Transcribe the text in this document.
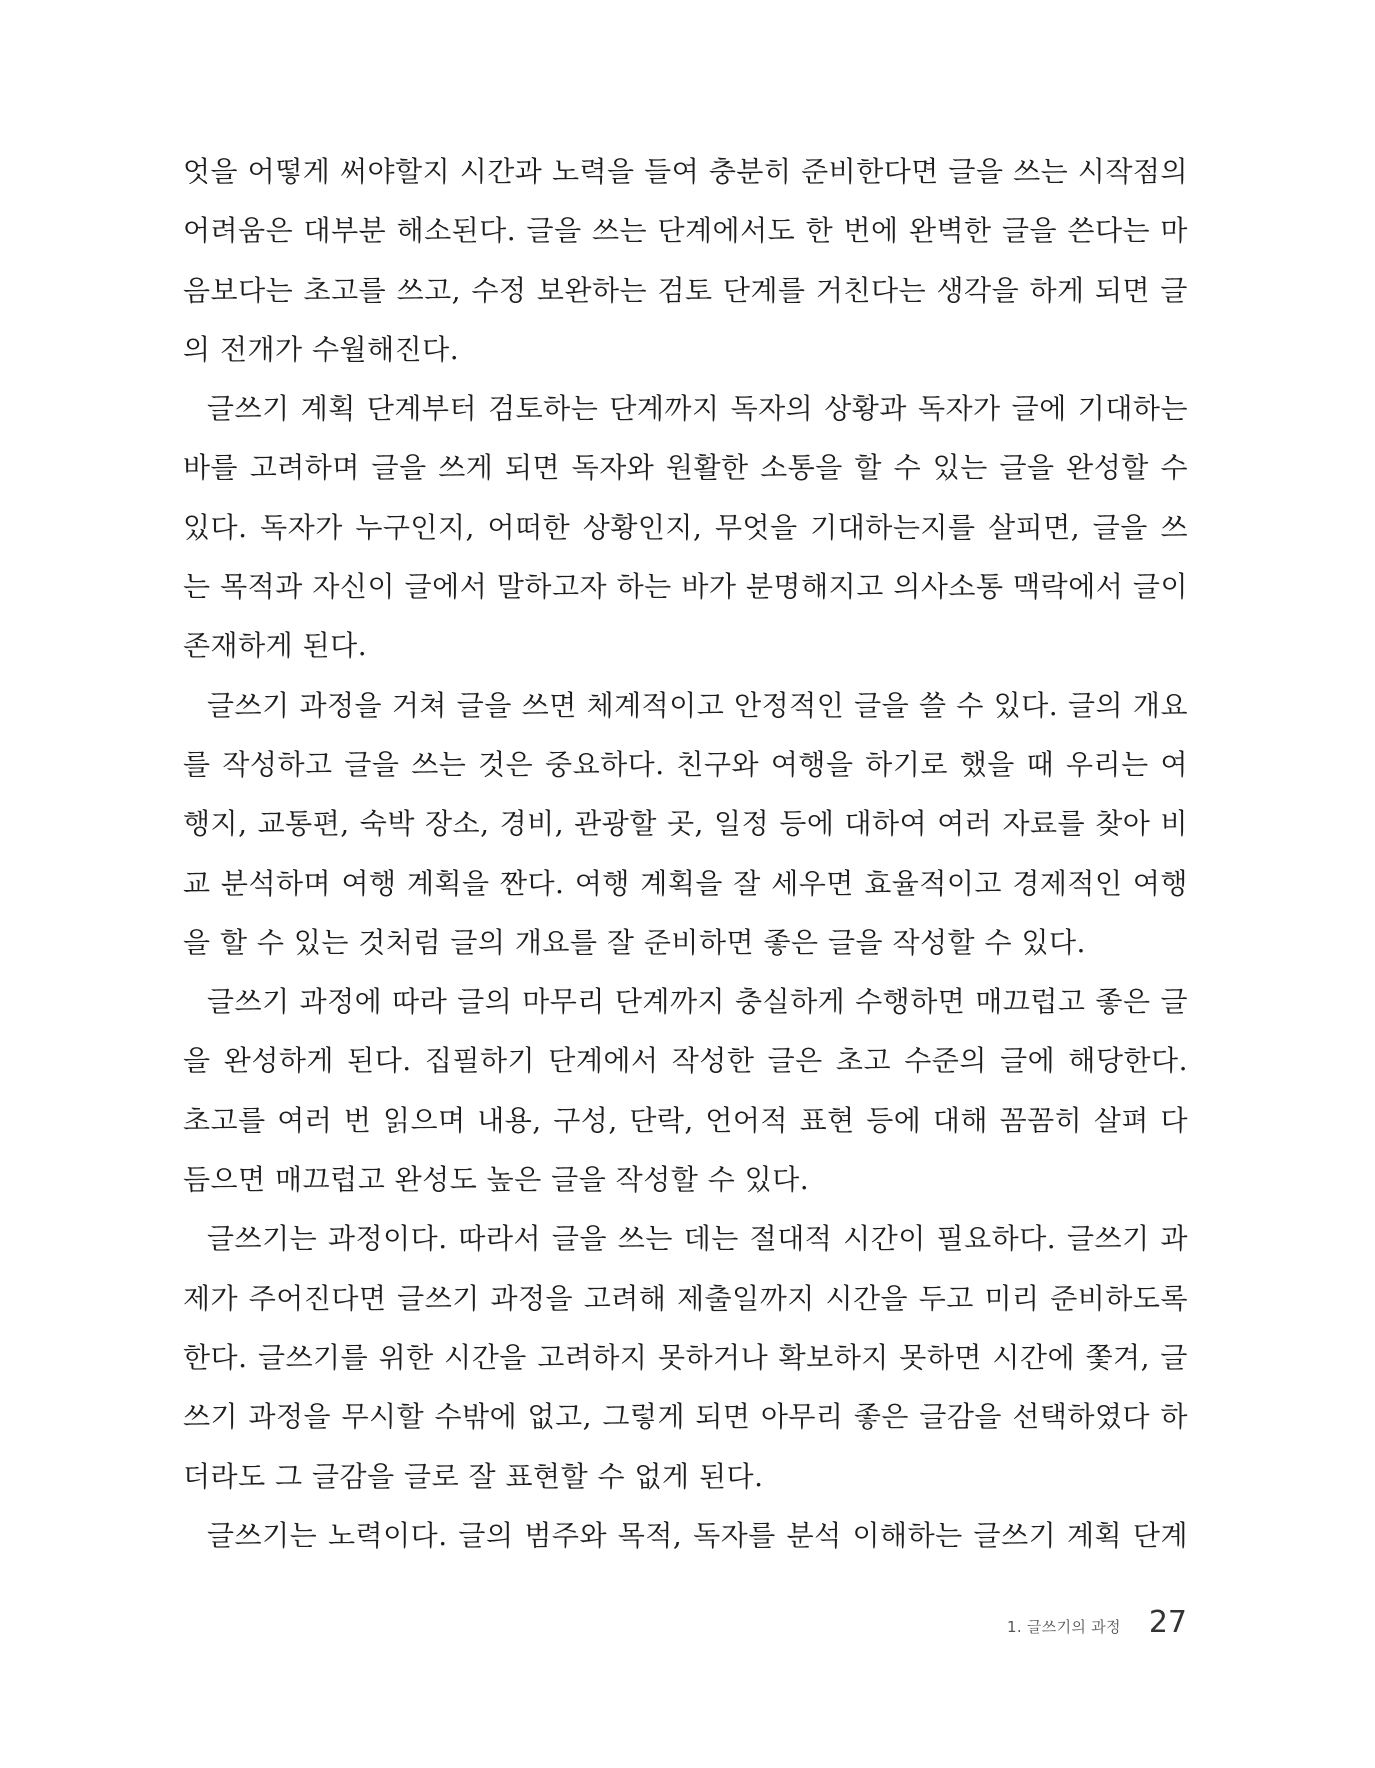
엇을 어떻게 써야할지 시간과 노력을 들여 충분히 준비한다면 글을 쓰는 시작점의
어려움은 대부분 해소된다. 글을 쓰는 단계에서도 한 번에 완벽한 글을 쓴다는 마
음보다는 초고를 쓰고, 수정 보완하는 검토 단계를 거친다는 생각을 하게 되면 글
의 전개가 수월해진다.
글쓰기 계획 단계부터 검토하는 단계까지 독자의 상황과 독자가 글에 기대하는
바를 고려하며 글을 쓰게 되면 독자와 원활한 소통을 할 수 있는 글을 완성할 수
있다. 독자가 누구인지, 어떠한 상황인지, 무엇을 기대하는지를 살피면, 글을 쓰
는 목적과 자신이 글에서 말하고자 하는 바가 분명해지고 의사소통 맥락에서 글이
존재하게 된다.
글쓰기 과정을 거쳐 글을 쓰면 체계적이고 안정적인 글을 쓸 수 있다. 글의 개요
를 작성하고 글을 쓰는 것은 중요하다. 친구와 여행을 하기로 했을 때 우리는 여
행지, 교통편, 숙박 장소, 경비, 관광할 곳, 일정 등에 대하여 여러 자료를 찾아 비
교 분석하며 여행 계획을 짠다. 여행 계획을 잘 세우면 효율적이고 경제적인 여행
을 할 수 있는 것처럼 글의 개요를 잘 준비하면 좋은 글을 작성할 수 있다.
글쓰기 과정에 따라 글의 마무리 단계까지 충실하게 수행하면 매끄럽고 좋은 글
을 완성하게 된다. 집필하기 단계에서 작성한 글은 초고 수준의 글에 해당한다.
초고를 여러 번 읽으며 내용, 구성, 단락, 언어적 표현 등에 대해 꼼꼼히 살펴 다
듬으면 매끄럽고 완성도 높은 글을 작성할 수 있다.
글쓰기는 과정이다. 따라서 글을 쓰는 데는 절대적 시간이 필요하다. 글쓰기 과
제가 주어진다면 글쓰기 과정을 고려해 제출일까지 시간을 두고 미리 준비하도록
한다. 글쓰기를 위한 시간을 고려하지 못하거나 확보하지 못하면 시간에 쫓겨, 글
쓰기 과정을 무시할 수밖에 없고, 그렇게 되면 아무리 좋은 글감을 선택하였다 하
더라도 그 글감을 글로 잘 표현할 수 없게 된다.
글쓰기는 노력이다. 글의 범주와 목적, 독자를 분석 이해하는 글쓰기 계획 단계
1. 글쓰기의 과정 27
